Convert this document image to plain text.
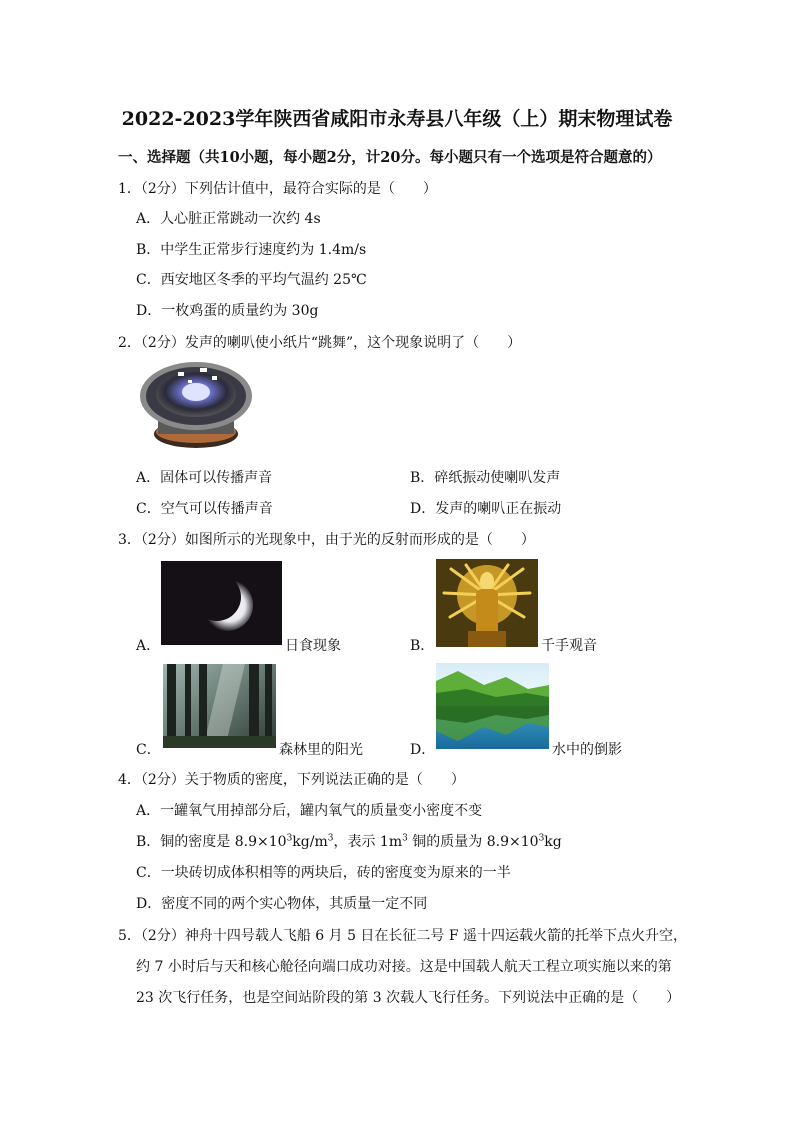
2022-2023学年陕西省咸阳市永寿县八年级（上）期末物理试卷
一、选择题（共10小题，每小题2分，计20分。每小题只有一个选项是符合题意的）
1．（2分）下列估计值中，最符合实际的是（　　）
A．人心脏正常跳动一次约 4s
B．中学生正常步行速度约为 1.4m/s
C．西安地区冬季的平均气温约 25℃
D．一枚鸡蛋的质量约为 30g
2．（2分）发声的喇叭使小纸片“跳舞”，这个现象说明了（　　）
A．固体可以传播声音	B．碎纸振动使喇叭发声
C．空气可以传播声音	D．发声的喇叭正在振动
3．（2分）如图所示的光现象中，由于光的反射而形成的是（　　）
A．	日食现象	B．	千手观音
C．	森林里的阳光	D．	水中的倒影
4．（2分）关于物质的密度，下列说法正确的是（　　）
A．一罐氧气用掉部分后，罐内氧气的质量变小密度不变
B．铜的密度是 $8.9\times 10^3kg/m^3$，表示 $1m^3$ 铜的质量为 $8.9\times 10^3kg$
C．一块砖切成体积相等的两块后，砖的密度变为原来的一半
D．密度不同的两个实心物体，其质量一定不同
5．（2分）神舟十四号载人飞船 6 月 5 日在长征二号 F 遥十四运载火箭的托举下点火升空，
约 7 小时后与天和核心舱径向端口成功对接。这是中国载人航天工程立项实施以来的第
23 次飞行任务，也是空间站阶段的第 3 次载人飞行任务。下列说法中正确的是（　　）
